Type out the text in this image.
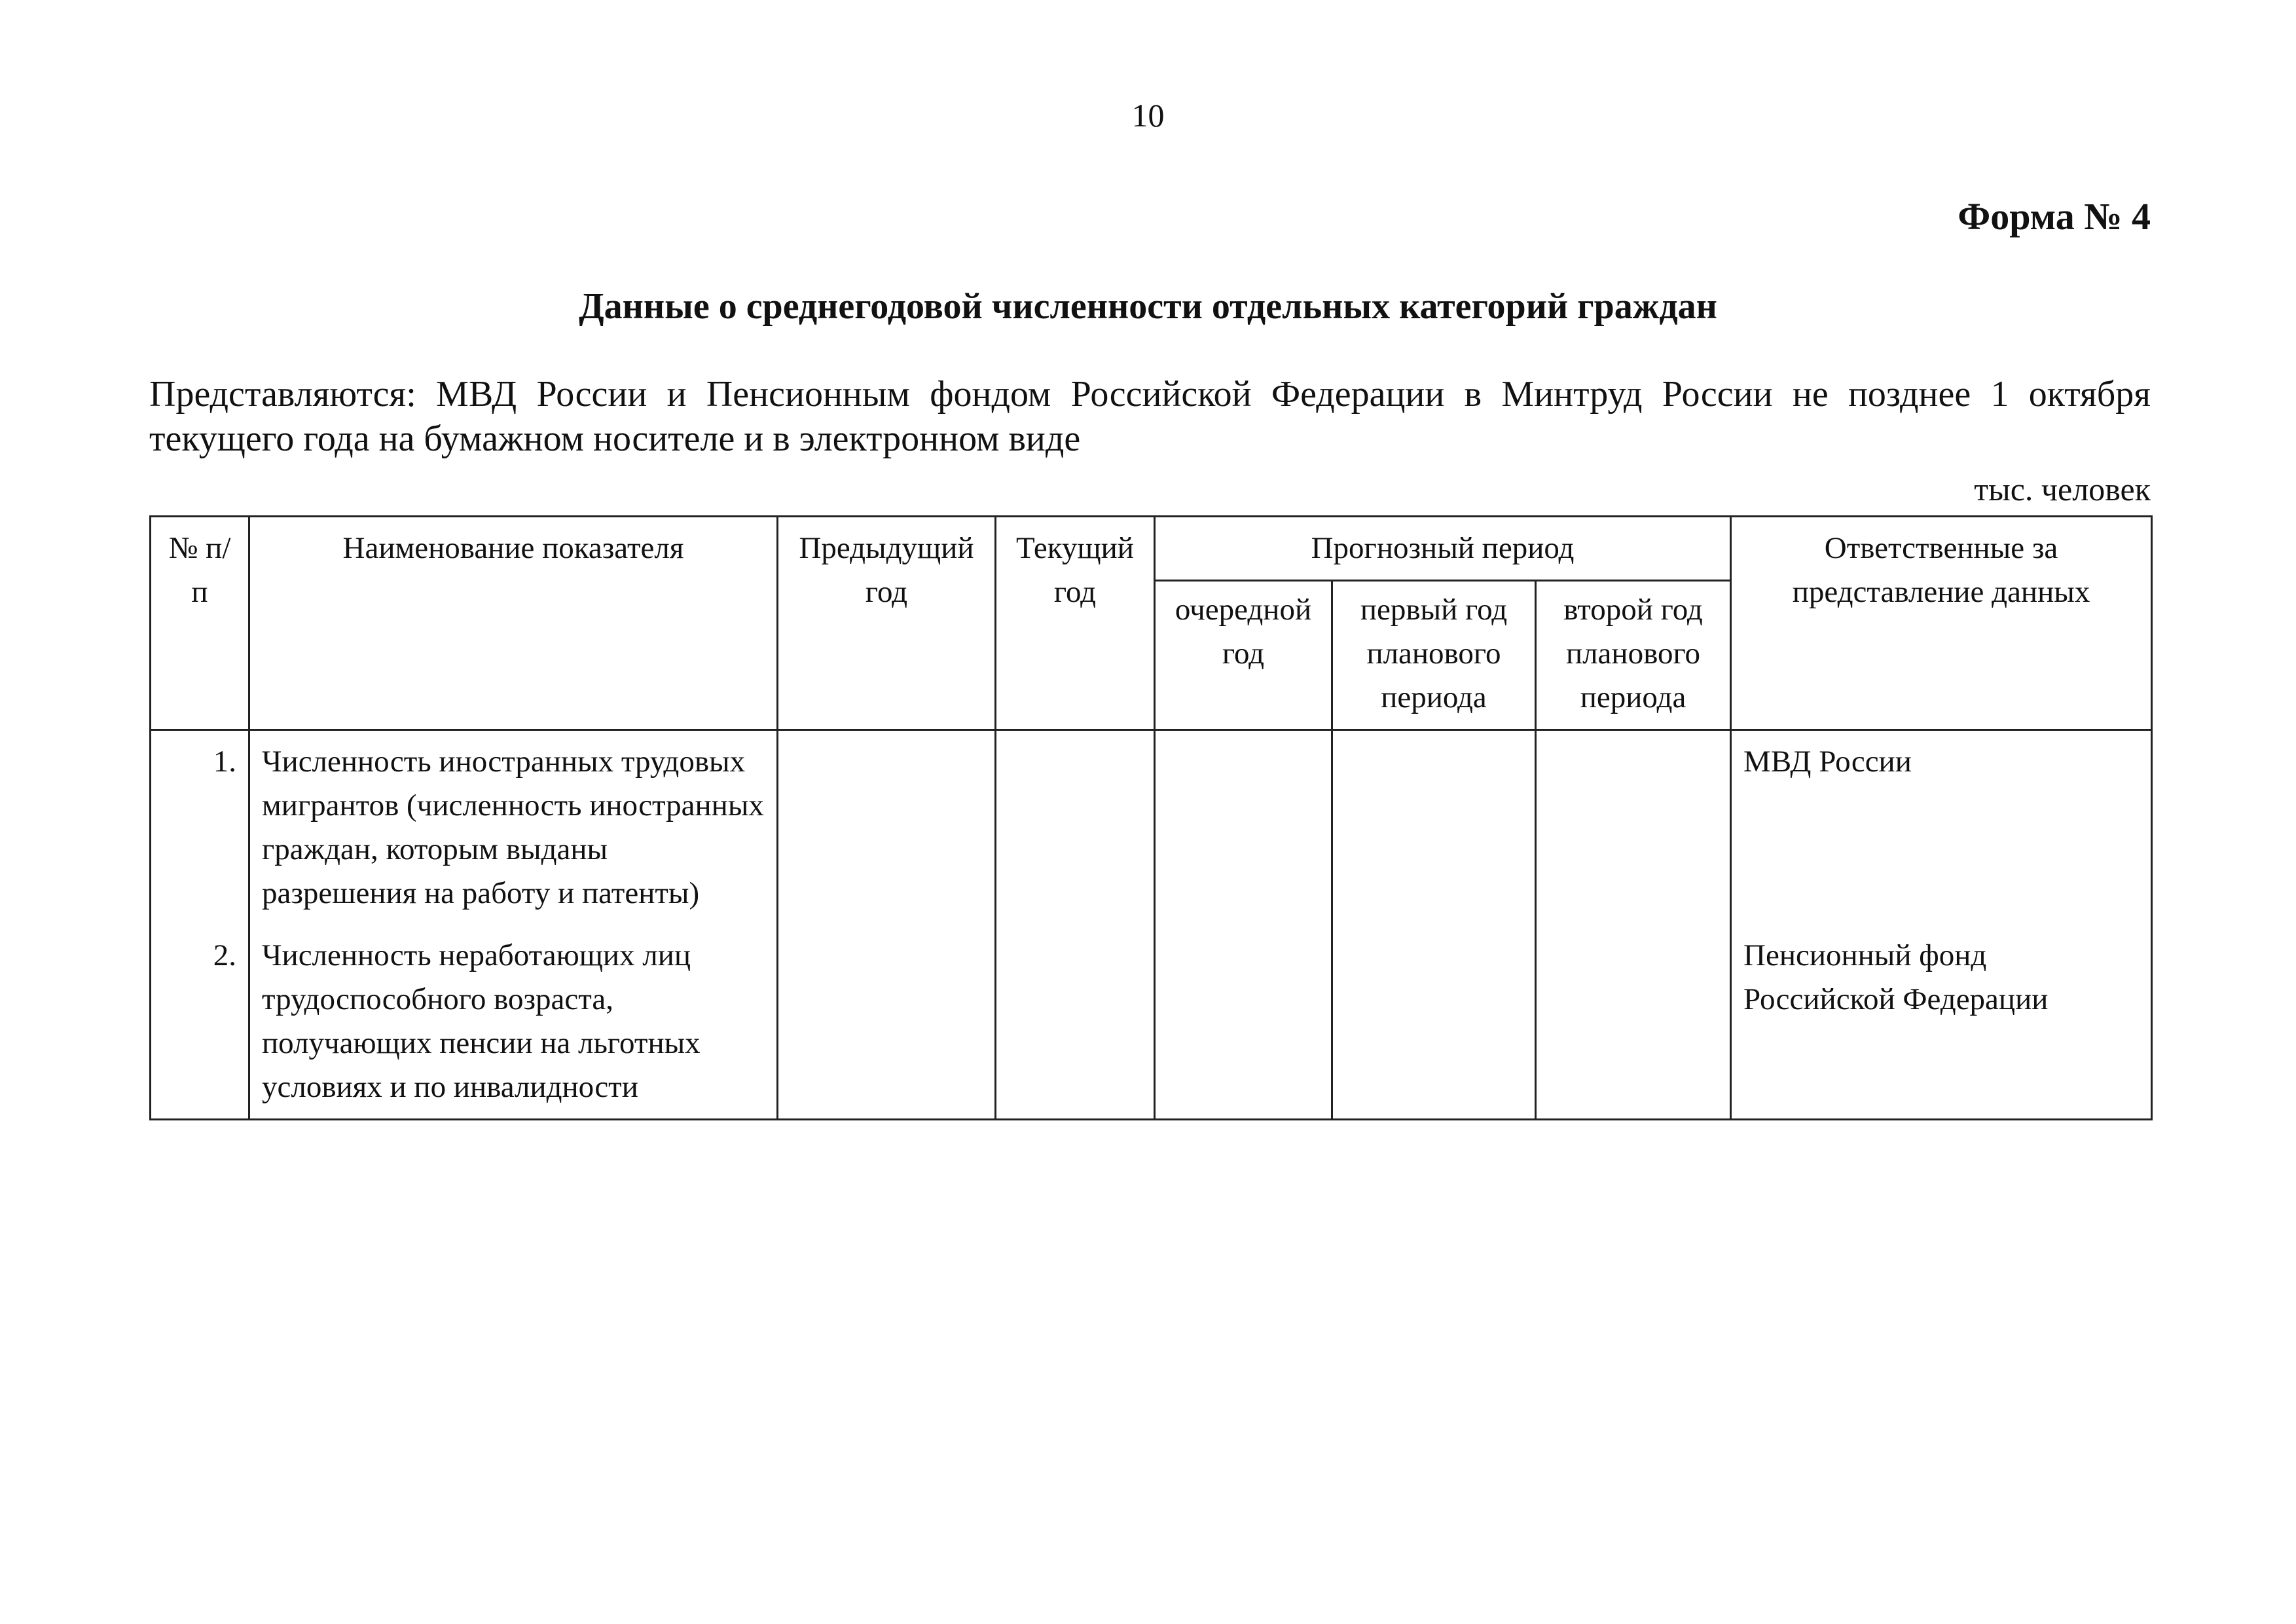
10
Форма № 4
Данные о среднегодовой численности отдельных категорий граждан
Представляются: МВД России и Пенсионным фондом Российской Федерации в Минтруд России не позднее 1 октября текущего года на бумажном носителе и в электронном виде
тыс. человек
№ п/п	Наименование показателя	Предыдущий год	Текущий год	Прогнозный период			Ответственные за представление данных
				очередной год	первый год планового периода	второй год планового периода	
1.	Численность иностранных трудовых мигрантов (численность иностранных граждан, которым выданы разрешения на работу и патенты)						МВД России
2.	Численность неработающих лиц трудоспособного возраста, получающих пенсии на льготных условиях и по инвалидности						Пенсионный фонд Российской Федерации
